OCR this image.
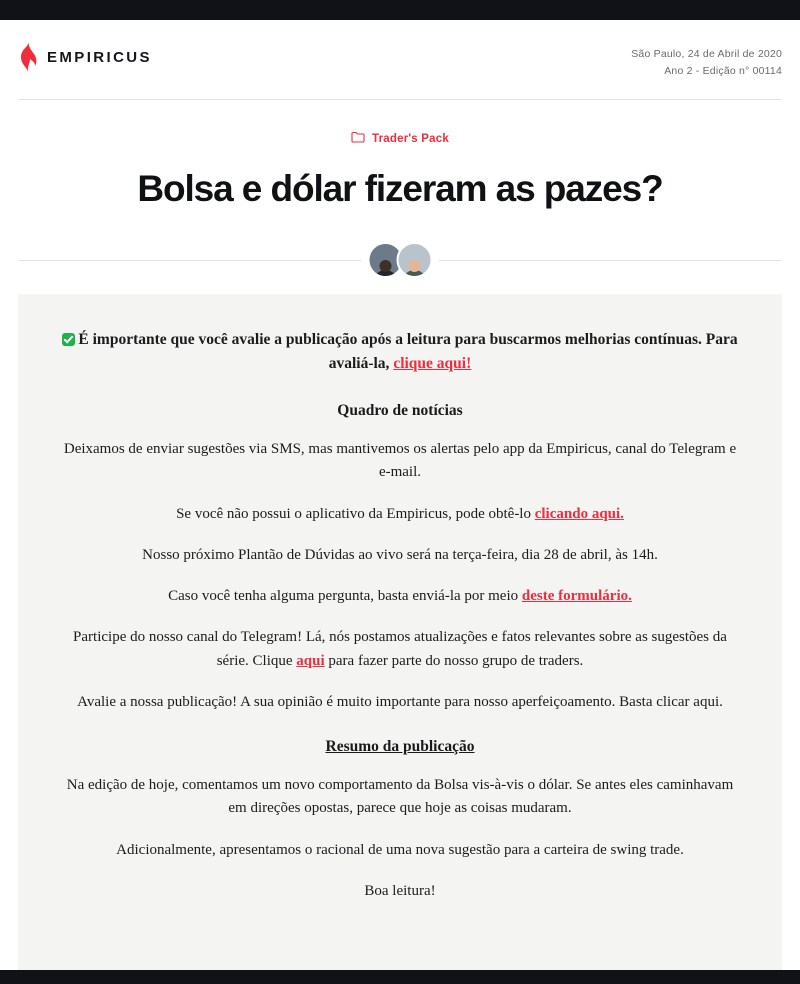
EMPIRICUS	São Paulo, 24 de Abril de 2020
Ano 2 - Edição n° 00114
Trader's Pack
Bolsa e dólar fizeram as pazes?

É importante que você avalie a publicação após a leitura para buscarmos melhorias contínuas. Para avaliá-la, clique aqui!

Quadro de notícias

Deixamos de enviar sugestões via SMS, mas mantivemos os alertas pelo app da Empiricus, canal do Telegram e e-mail.

Se você não possui o aplicativo da Empiricus, pode obtê-lo clicando aqui.

Nosso próximo Plantão de Dúvidas ao vivo será na terça-feira, dia 28 de abril, às 14h.

Caso você tenha alguma pergunta, basta enviá-la por meio deste formulário.

Participe do nosso canal do Telegram! Lá, nós postamos atualizações e fatos relevantes sobre as sugestões da série. Clique aqui para fazer parte do nosso grupo de traders.

Avalie a nossa publicação! A sua opinião é muito importante para nosso aperfeiçoamento. Basta clicar aqui.

Resumo da publicação

Na edição de hoje, comentamos um novo comportamento da Bolsa vis-à-vis o dólar. Se antes eles caminhavam em direções opostas, parece que hoje as coisas mudaram.

Adicionalmente, apresentamos o racional de uma nova sugestão para a carteira de swing trade.

Boa leitura!
